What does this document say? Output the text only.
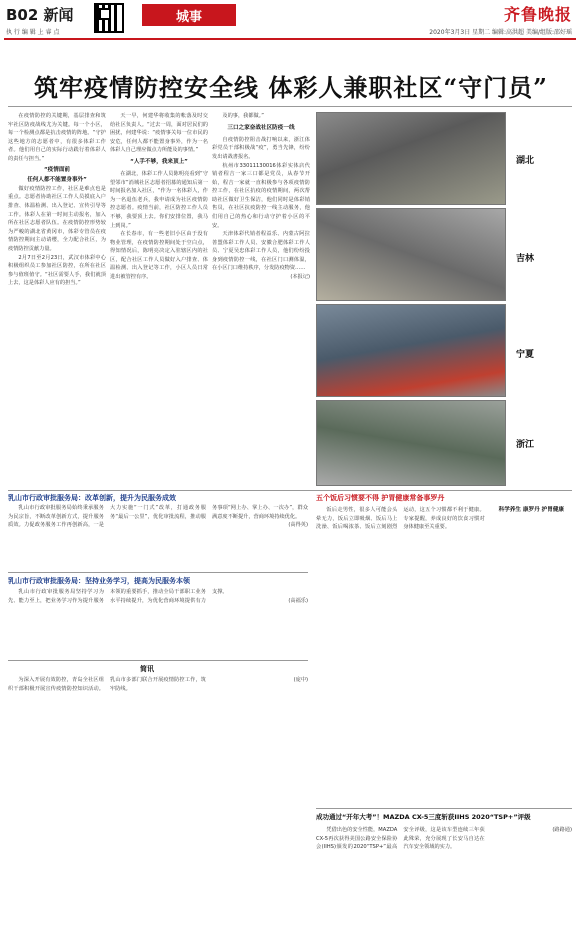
B02 新闻	城事	齐鲁晚报
执 行 编 辑 上 睿 点	2020年3月3日 星期二 编辑:高洪超 美编/组版:邵好瑶
筑牢疫情防控安全线 体彩人兼职社区“守门员”

在疫情防控的关键期，基层排查和筑牢社区防疫战线尤为关键。每一个小区，每一个检测点都是抗击疫情的阵地。“守护这些地方的志愿者中，有很多体彩工作者。他们用自己的实际行动践行着体彩人的责任与担当。”

“疫情面前

任何人都不能置身事外”

做好疫情防控工作，社区是难点也是重点。志愿者协助社区工作人员摸底入户排查、体温检测、出入登记、宣传引导等工作。体彩人在第一时间主动报名，加入所在社区志愿者队伍。在疫情防控形势较为严峻的湖北省黄冈市，体彩专管员在疫情防控期间主动请缨，全力配合社区，为疫情防控贡献力量。

2月7日至2月23日，武汉市体彩中心积极组织员工参加社区防控，在所在社区参与值班值守。“社区需要人手，我们就顶上去，这是体彩人应有的担当。”

天一早，何建华将收集的帐落及时交给社区负责人。“过去一周，面对居民们的困扰，何建华说：“疫情事关每一位市民的安危，任何人都不能置身事外，作为一名体彩人自己理应做点力所能及的事情。”

“人手不够，我来顶上”

在湖北，体彩工作人员陈明亮看到“守望邻市”消城社区志愿者招募的通知后第一时间报名加入社区，“作为一名体彩人，作为一名退伍老兵，我申请成为社区疫情防控志愿者。疫情当前，社区防控工作人员不够，我要顶上去。你们安排位置，我马上到岗。”

在长春市，有一些老旧小区由于没有物业管理，在疫情防控期间处于空白点，得知情况后，陈明亮决定入驻辖区内的社区，配合社区工作人员做好入户排查、体温检测、出入登记等工作，小区人员日常进出被管控有序。

及的事，我都做。”

三口之家奋战社区防疫一线

自疫情防控阻击战打响以来，浙江体彩党员干部积极战“疫”，勇当先锋，纷纷发出请战書报名。

杭州市33011130016体彩实体店代销者程吉一家三口都是党员，从春节开始，程吉一家就一直积极参与各项疫情防控工作，在社区抗疫的疫情期间，两次帮助社区做好卫生保洁，他们同时是体彩销售员，在社区抗疫防控一线主动服务，他们用自己的热心和行动守护着小区的平安。

天津体彩代销者程益乐、内蒙古阿拉善盟体彩工作人员、安徽合肥体彩工作人员、宁夏吴忠体彩工作人员，他们纷纷投身到疫情防控一线，在社区门口测体温，在小区门口维持秩序，分发防疫物资……

(本报记)

湖北
吉林
宁夏
浙江
乳山市行政审批服务局：改革创新，提升为民服务成效

乳山市行政审批服务局始终秉承服务为民宗旨，不断改革创新方式，提升服务质效。力促政务服务工作再创新高，一是大力实施“一门式”改革，打通政务服务“最后一公里”，优化审批流程，推动服务事项“网上办、掌上办、一次办”，群众满意度不断提升，营商环境持续优化。

(高得英)

乳山市行政审批服务局：坚持业务学习，提高为民服务本领

乳山市行政审批服务局坚持学习为先、能力至上，把业务学习作为提升服务本领的重要抓手，推动全局干部职工业务水平持续提升，为优化营商环境提供有力支撑。

(高福乐)

简讯

为深入开展有效防控，青岛全社区组织干部积极开展宣传疫情防控知识活动。乳山市多部门联合开展疫情防控工作，筑牢防线。

(庞中)

五个饭后习惯要不得 护胃健康常备事罗丹

饭后走男性，很多人可能会头晕无力，饭后立即吸烟、饭后马上洗澡、饭后喝浓茶、饭后立刻剧烈运动，这五个习惯都不利于健康。专家提醒，养成良好的饮食习惯对身体健康至关重要。

科学养生 康罗丹 护胃健康

成功通过“开年大考”！MAZDA CX-5三度斩获IIHS 2020“TSP+”评级

凭借出色的安全性能，MAZDA CX-5再次获得美国公路安全保险协会(IIHS)颁发的2020“TSP+”最高安全评级，这是该车型连续三年获此殊荣，充分展现了长安马自达在汽车安全领域的实力。

(路路通)
